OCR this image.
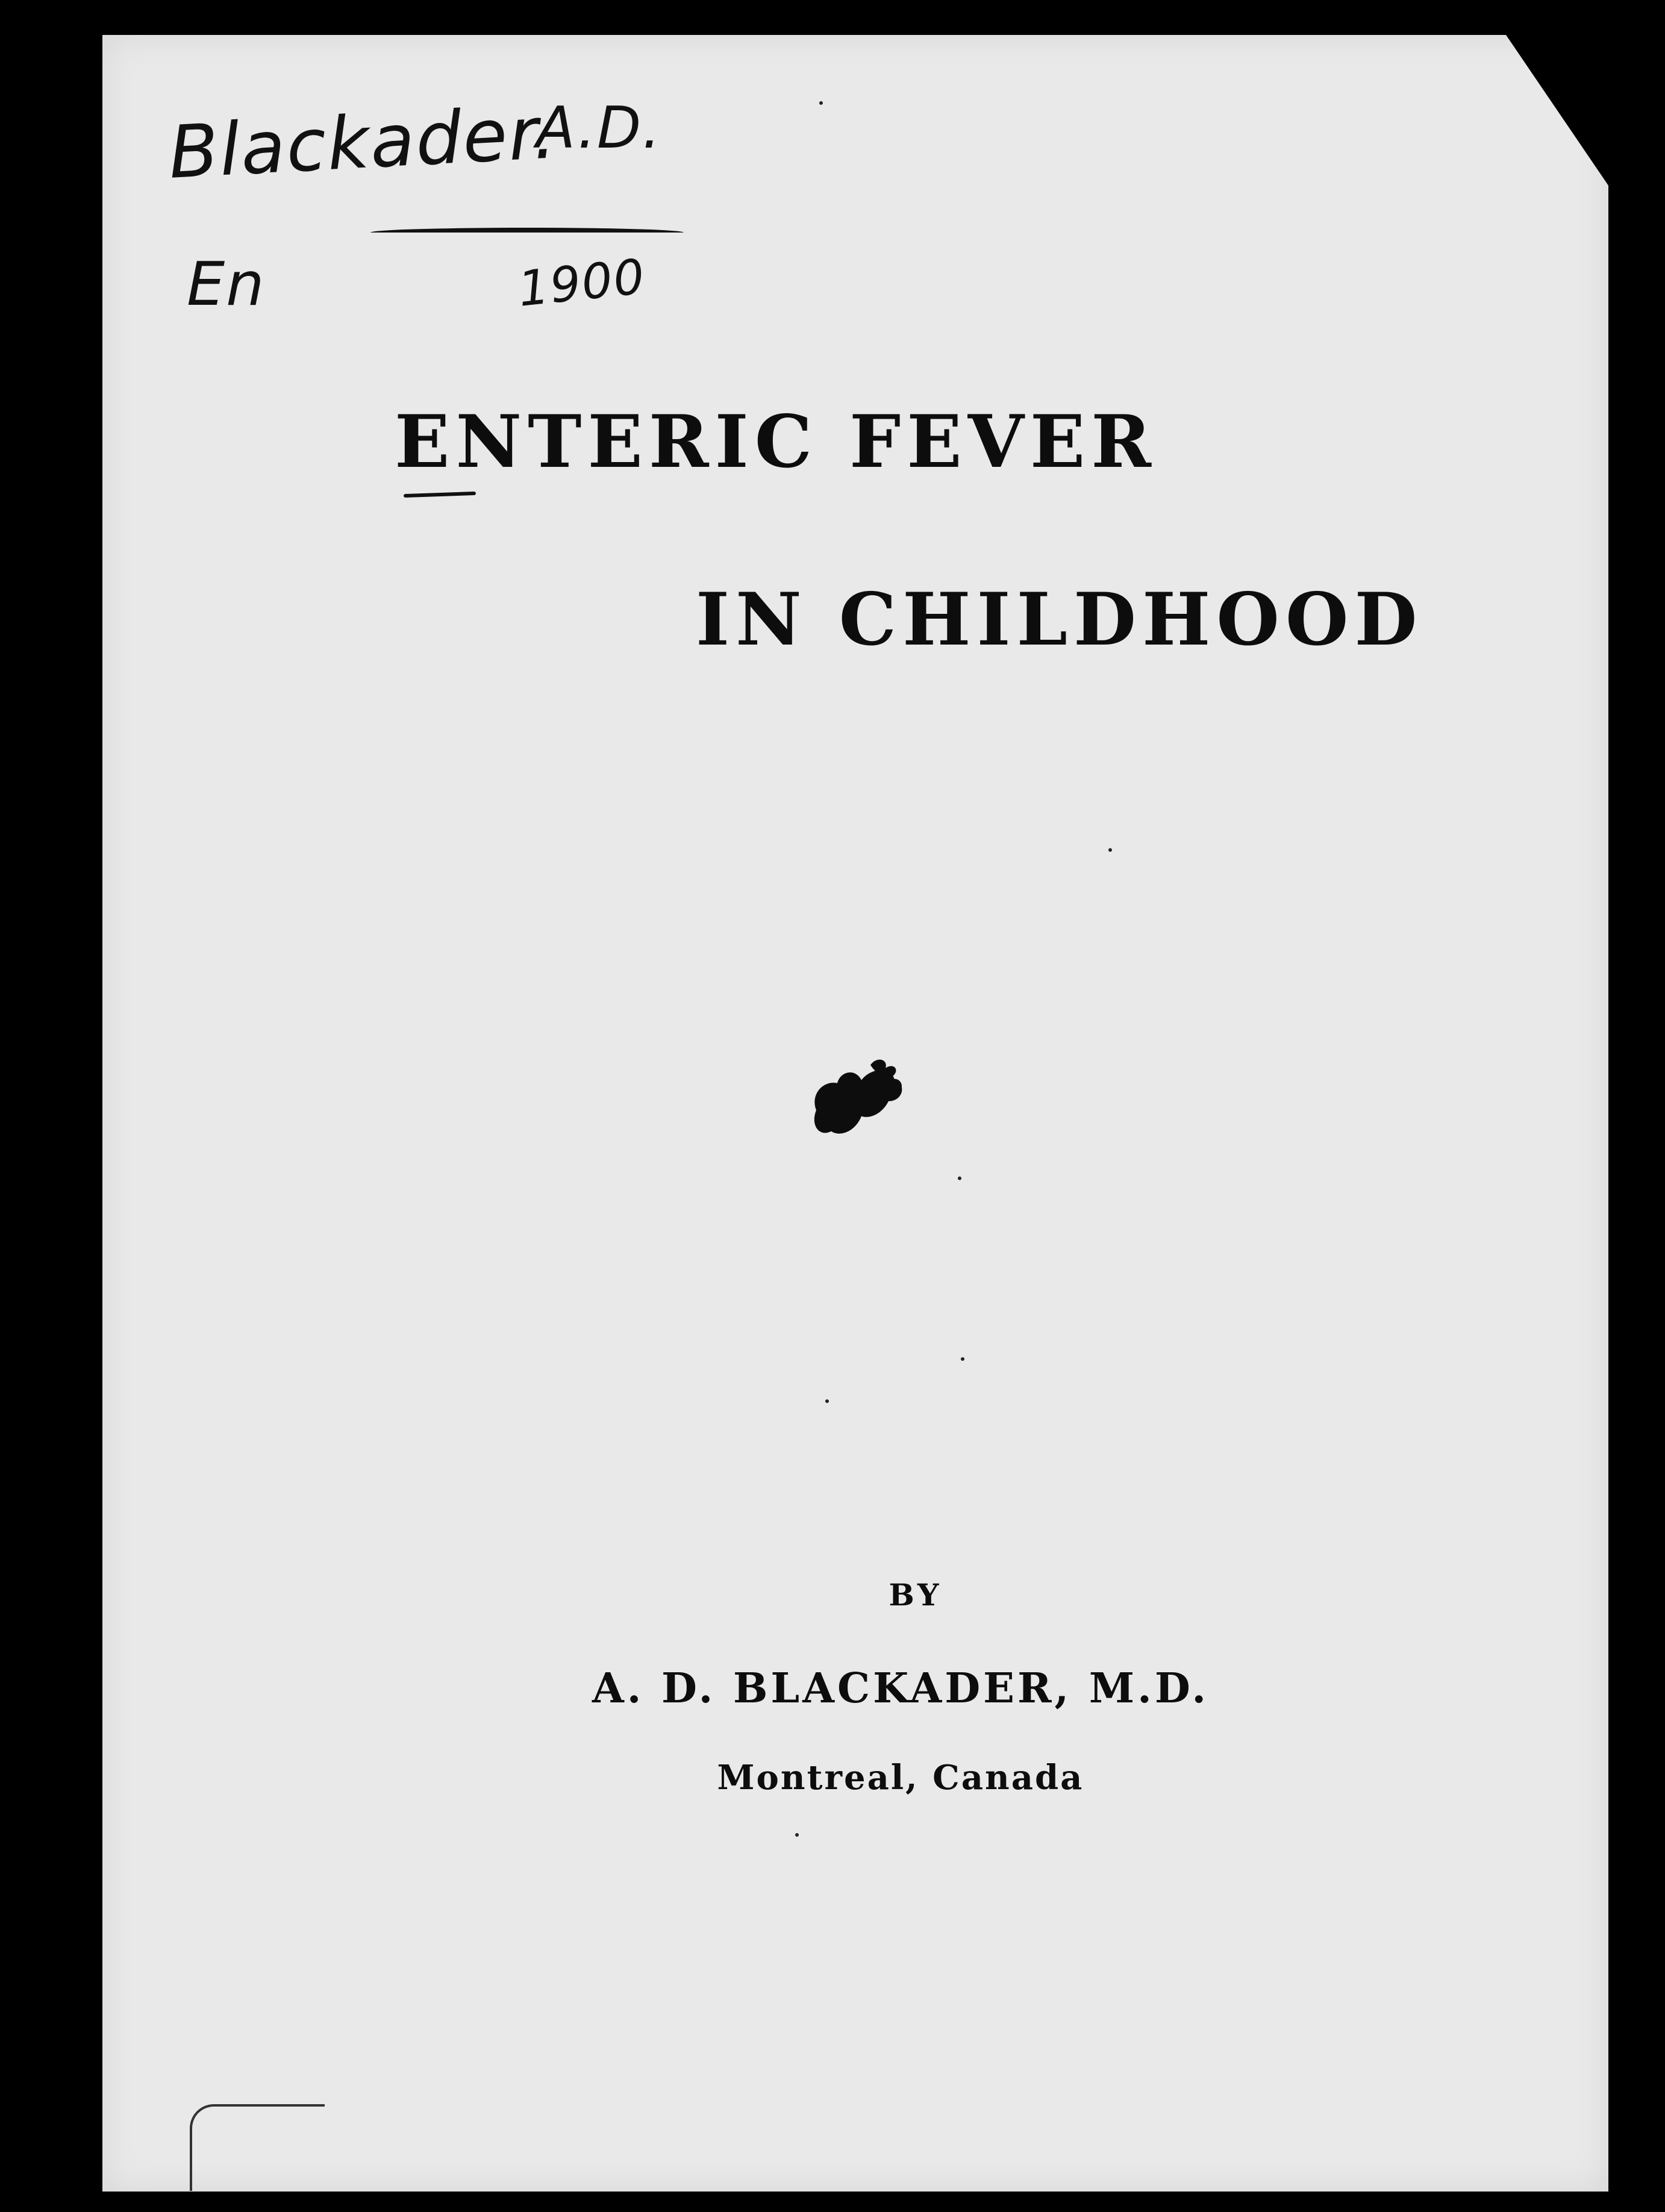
Blackader.
A.D.
En	1900
ENTERIC FEVER
IN CHILDHOOD

BY

A. D. BLACKADER, M.D.

Montreal, Canada
